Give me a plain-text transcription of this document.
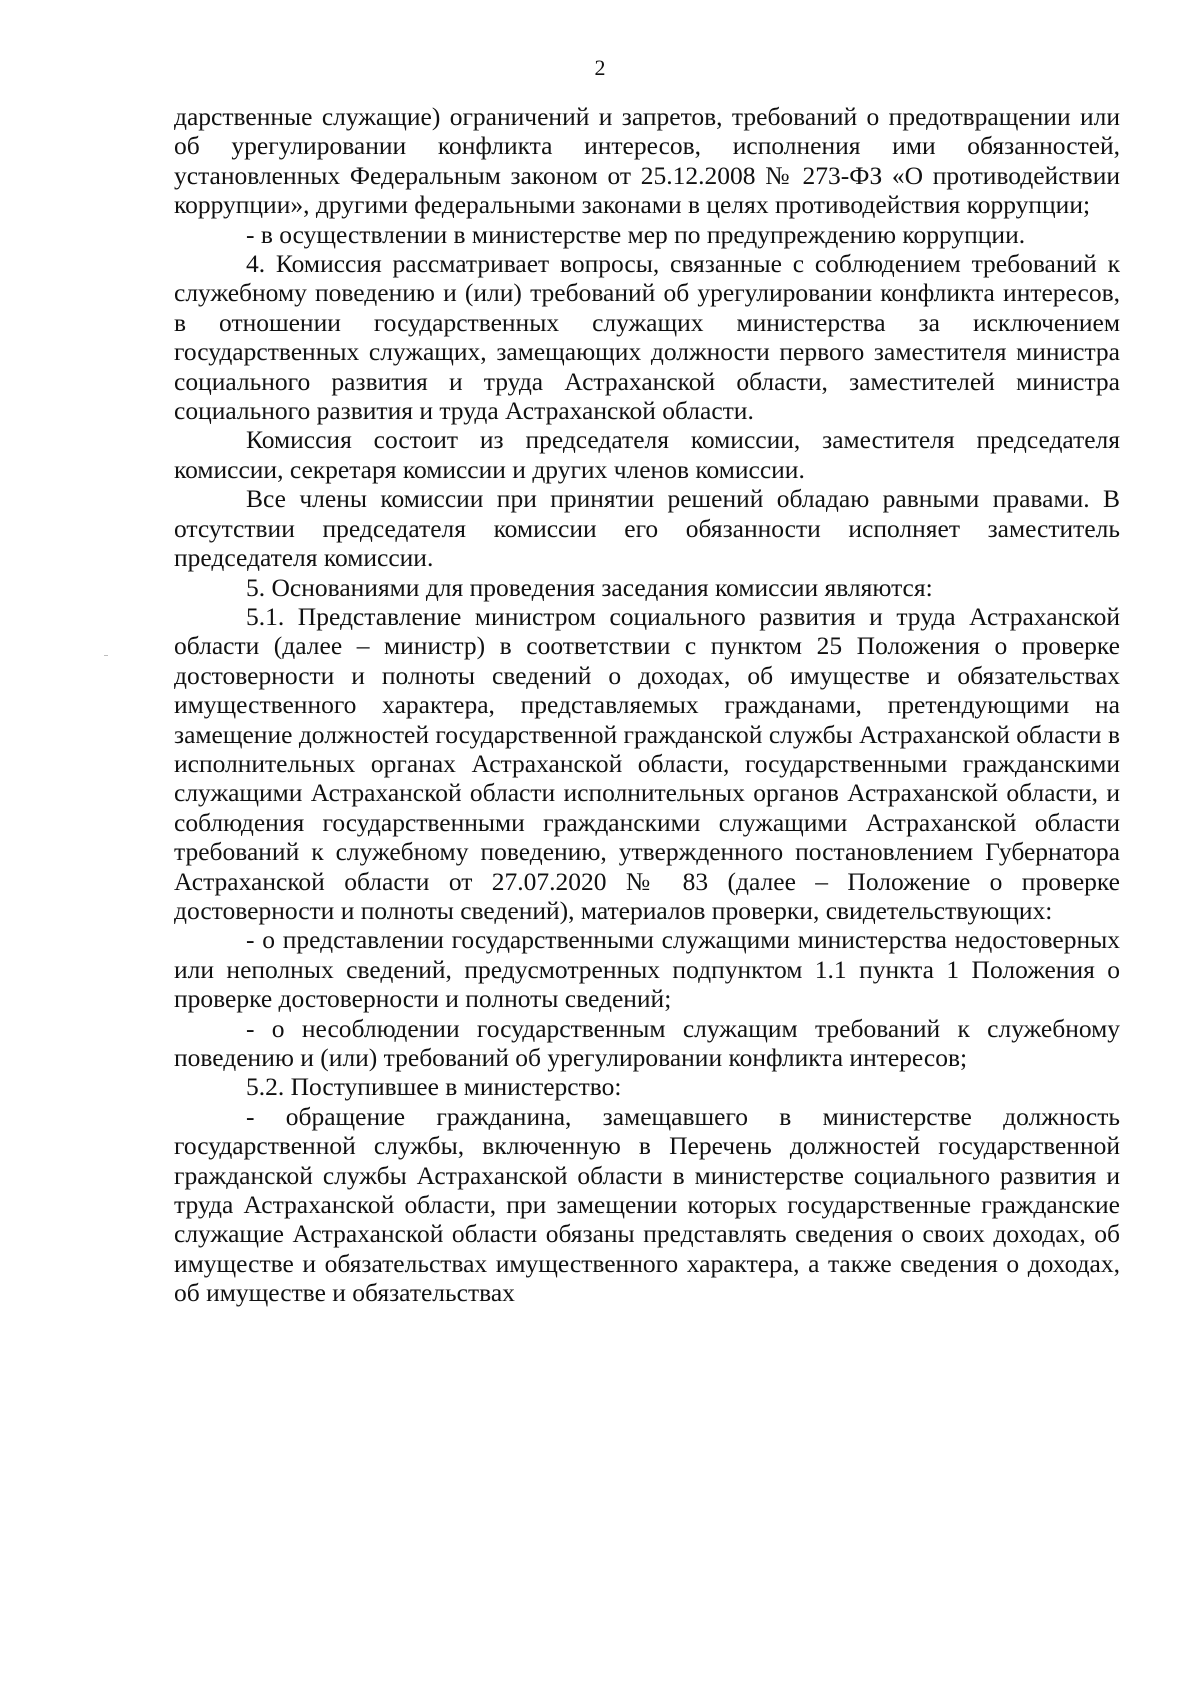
2

дарственные служащие) ограничений и запретов, требований о предотвращении или об урегулировании конфликта интересов, исполнения ими обязанностей, установленных Федеральным законом от 25.12.2008 № 273-ФЗ «О противодействии коррупции», другими федеральными законами в целях противодействия коррупции;

- в осуществлении в министерстве мер по предупреждению коррупции.

4. Комиссия рассматривает вопросы, связанные с соблюдением требований к служебному поведению и (или) требований об урегулировании конфликта интересов, в отношении государственных служащих министерства за исключением государственных служащих, замещающих должности первого заместителя министра социального развития и труда Астраханской области, заместителей министра социального развития и труда Астраханской области.

Комиссия состоит из председателя комиссии, заместителя председателя комиссии, секретаря комиссии и других членов комиссии.

Все члены комиссии при принятии решений обладаю равными правами. В отсутствии председателя комиссии его обязанности исполняет заместитель председателя комиссии.

5. Основаниями для проведения заседания комиссии являются:

5.1. Представление министром социального развития и труда Астраханской области (далее – министр) в соответствии с пунктом 25 Положения о проверке достоверности и полноты сведений о доходах, об имуществе и обязательствах имущественного характера, представляемых гражданами, претендующими на замещение должностей государственной гражданской службы Астраханской области в исполнительных органах Астраханской области, государственными гражданскими служащими Астраханской области исполнительных органов Астраханской области, и соблюдения государственными гражданскими служащими Астраханской области требований к служебному поведению, утвержденного постановлением Губернатора Астраханской области от 27.07.2020 № 83 (далее – Положение о проверке достоверности и полноты сведений), материалов проверки, свидетельствующих:

- о представлении государственными служащими министерства недостоверных или неполных сведений, предусмотренных подпунктом 1.1 пункта 1 Положения о проверке достоверности и полноты сведений;

- о несоблюдении государственным служащим требований к служебному поведению и (или) требований об урегулировании конфликта интересов;

5.2. Поступившее в министерство:

- обращение гражданина, замещавшего в министерстве должность государственной службы, включенную в Перечень должностей государственной гражданской службы Астраханской области в министерстве социального развития и труда Астраханской области, при замещении которых государственные гражданские служащие Астраханской области обязаны представлять сведения о своих доходах, об имуществе и обязательствах имущественного характера, а также сведения о доходах, об имуществе и обязательствах
